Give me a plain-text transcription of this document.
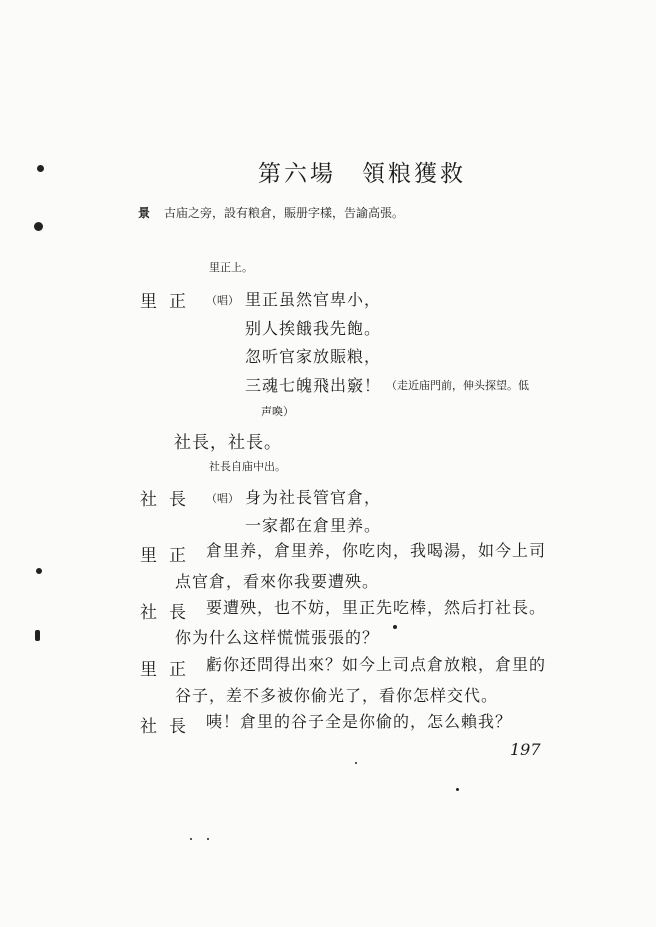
第六場 領粮獲救
景 古庙之旁，設有粮倉，賑册字樣，告諭高張。
里正上。
里正 （唱） 里正虽然官卑小，
别人挨餓我先飽。
忽听官家放賑粮，
三魂七魄飛出竅！ （走近庙門前，伸头探望。低
声喚）
社長，社長。
社長自庙中出。
社長 （唱） 身为社長管官倉，
一家都在倉里养。
里正 倉里养，倉里养，你吃肉，我喝湯，如今上司
点官倉，看來你我要遭殃。
社長 要遭殃，也不妨，里正先吃棒，然后打社長。
你为什么这样慌慌張張的？
里正 虧你还問得出來？如今上司点倉放粮，倉里的
谷子，差不多被你偷光了，看你怎样交代。
社長 咦！倉里的谷子全是你偷的，怎么賴我？
197
